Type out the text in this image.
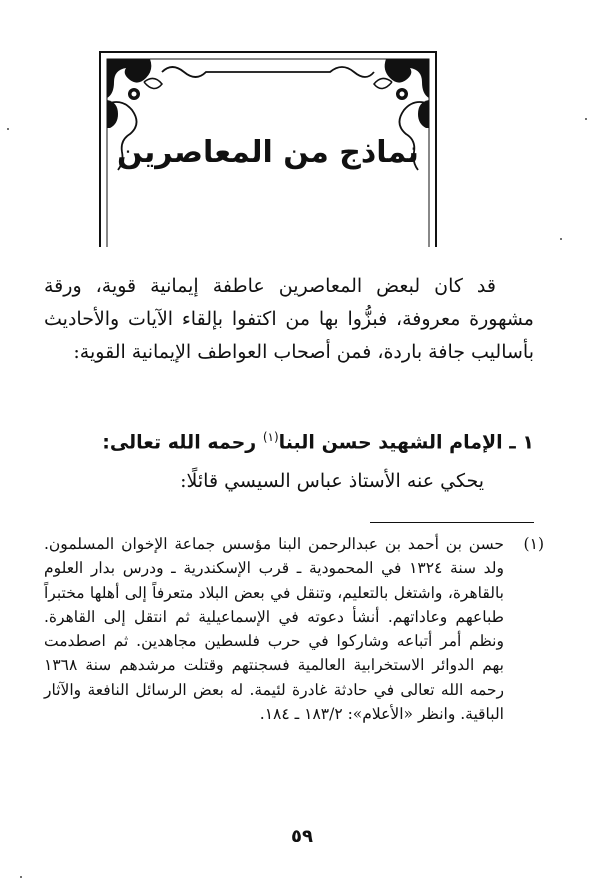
نماذج من المعاصرين
قد كان لبعض المعاصرين عاطفة إيمانية قوية، ورقة مشهورة معروفة، فبزُّوا بها من اكتفوا بإلقاء الآيات والأحاديث بأساليب جافة باردة، فمن أصحاب العواطف الإيمانية القوية:
١ ـ الإمام الشهيد حسن البنا$^{(١)}$ رحمه الله تعالى:
يحكي عنه الأستاذ عباس السيسي قائلًا:
(١)
حسن بن أحمد بن عبدالرحمن البنا مؤسس جماعة الإخوان المسلمون. ولد سنة ١٣٢٤ في المحمودية ـ قرب الإسكندرية ـ ودرس بدار العلوم بالقاهرة، واشتغل بالتعليم، وتنقل في بعض البلاد متعرفاً إلى أهلها مختبراً طباعهم وعاداتهم. أنشأ دعوته في الإسماعيلية ثم انتقل إلى القاهرة. ونظم أمر أتباعه وشاركوا في حرب فلسطين مجاهدين. ثم اصطدمت بهم الدوائر الاستخرابية العالمية فسجنتهم وقتلت مرشدهم سنة ١٣٦٨ رحمه الله تعالى في حادثة غادرة لئيمة. له بعض الرسائل النافعة والآثار الباقية. وانظر «الأعلام»: ١٨٣/٢ ـ ١٨٤.
٥٩
